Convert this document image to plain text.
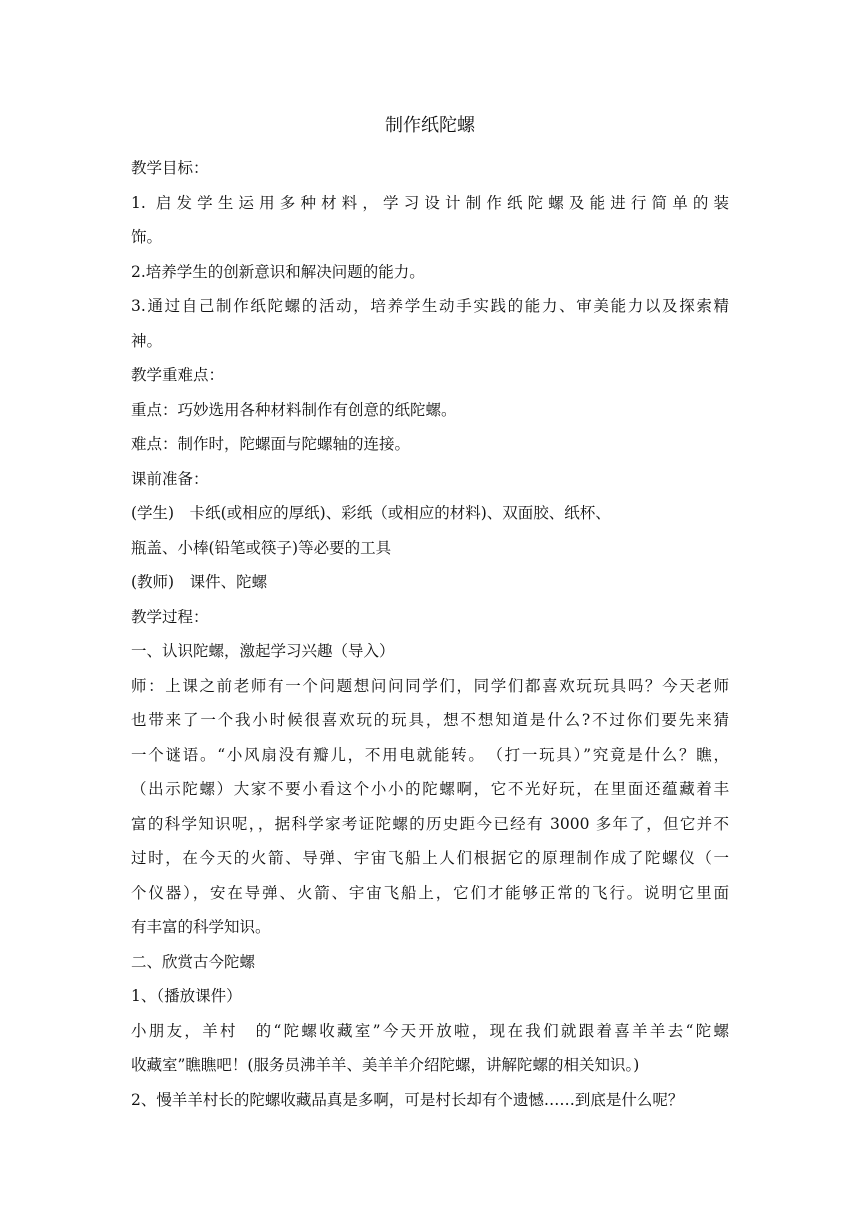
制作纸陀螺

教学目标：

1. 启发学生运用多种材料，学习设计制作纸陀螺及能进行简单的装

饰。

2.培养学生的创新意识和解决问题的能力。

3.通过自己制作纸陀螺的活动，培养学生动手实践的能力、审美能力以及探索精

神。

教学重难点：

重点：巧妙选用各种材料制作有创意的纸陀螺。

难点：制作时，陀螺面与陀螺轴的连接。

课前准备：

(学生)　卡纸(或相应的厚纸)、彩纸（或相应的材料)、双面胶、纸杯、

瓶盖、小棒(铅笔或筷子)等必要的工具

(教师)　课件、陀螺

教学过程：

一、认识陀螺，激起学习兴趣（导入）

师：上课之前老师有一个问题想问问同学们，同学们都喜欢玩玩具吗？今天老师

也带来了一个我小时候很喜欢玩的玩具，想不想知道是什么?不过你们要先来猜

一个谜语。“小风扇没有瓣儿，不用电就能转。　（打一玩具）”究竟是什么？瞧，

（出示陀螺）大家不要小看这个小小的陀螺啊，它不光好玩，在里面还蕴藏着丰

富的科学知识呢，，据科学家考证陀螺的历史距今已经有 3000 多年了，但它并不

过时，在今天的火箭、导弹、宇宙飞船上人们根据它的原理制作成了陀螺仪（一

个仪器），安在导弹、火箭、宇宙飞船上，它们才能够正常的飞行。说明它里面

有丰富的科学知识。

二、欣赏古今陀螺

1、（播放课件）

小朋友，羊村　的“陀螺收藏室”今天开放啦，现在我们就跟着喜羊羊去“陀螺

收藏室”瞧瞧吧！(服务员沸羊羊、美羊羊介绍陀螺，讲解陀螺的相关知识。)

2、慢羊羊村长的陀螺收藏品真是多啊，可是村长却有个遗憾……到底是什么呢？
